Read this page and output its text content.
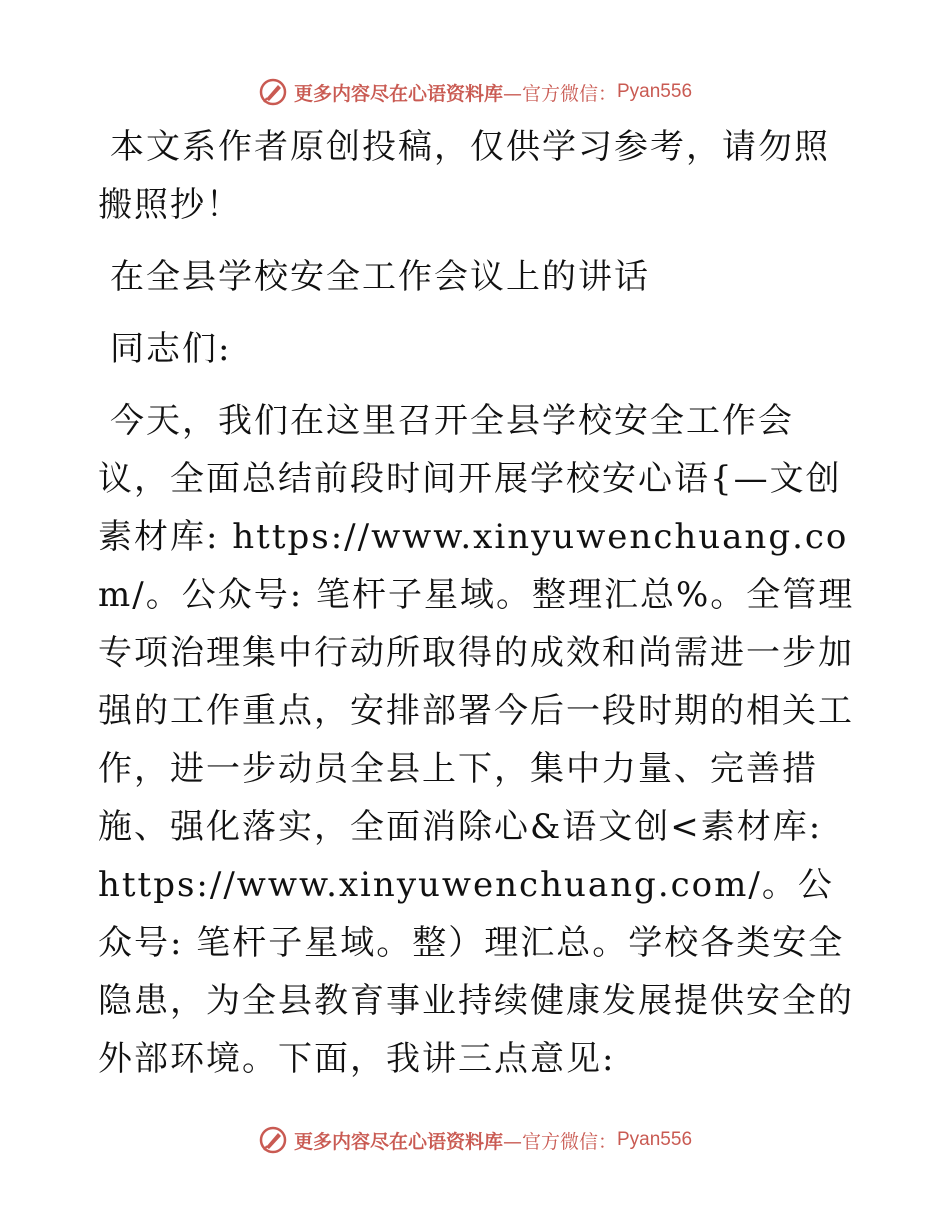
更多内容尽在心语资料库 —官方微信： Pyan556

本文系作者原创投稿，仅供学习参考，请勿照搬照抄！

在全县学校安全工作会议上的讲话

同志们:

今天，我们在这里召开全县学校安全工作会议，全面总结前段时间开展学校安心语{—文创素材库: https://www.xinyuwenchuang.com/。公众号: 笔杆子星域。整理汇总%。全管理专项治理集中行动所取得的成效和尚需进一步加强的工作重点，安排部署今后一段时期的相关工作，进一步动员全县上下，集中力量、完善措施、强化落实，全面消除心&语文创<素材库: https://www.xinyuwenchuang.com/。公众号: 笔杆子星域。整）理汇总。学校各类安全隐患，为全县教育事业持续健康发展提供安全的外部环境。下面，我讲三点意见:

更多内容尽在心语资料库 —官方微信： Pyan556
